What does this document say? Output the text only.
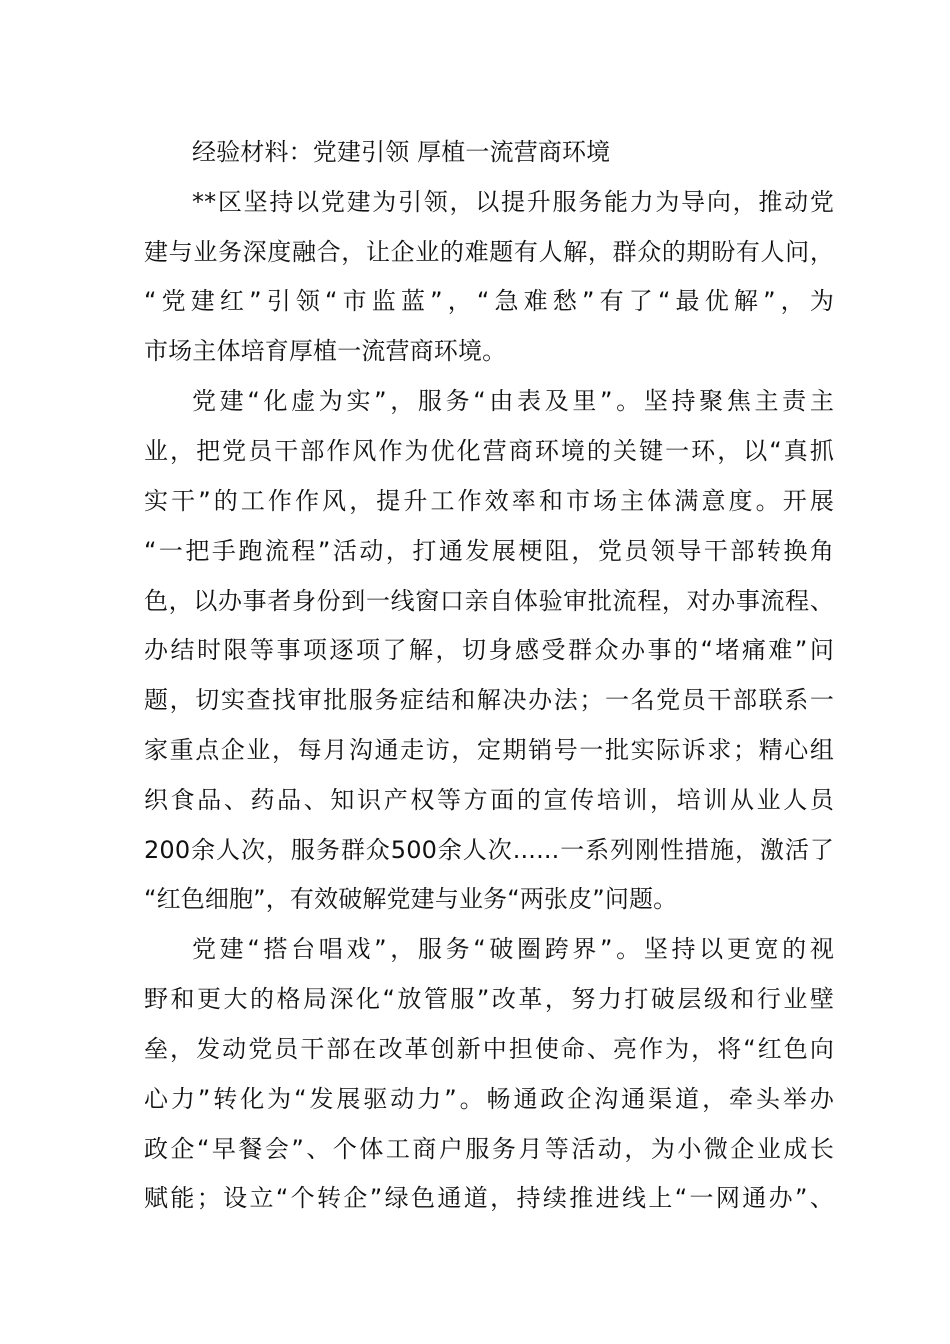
经验材料：党建引领 厚植一流营商环境
**区坚持以党建为引领，以提升服务能力为导向，推动党
建与业务深度融合，让企业的难题有人解，群众的期盼有人问，
“党建红”引领“市监蓝”，“急难愁”有了“最优解”，为
市场主体培育厚植一流营商环境。
党建“化虚为实”，服务“由表及里”。坚持聚焦主责主
业，把党员干部作风作为优化营商环境的关键一环，以“真抓
实干”的工作作风，提升工作效率和市场主体满意度。开展
“一把手跑流程”活动，打通发展梗阻，党员领导干部转换角
色，以办事者身份到一线窗口亲自体验审批流程，对办事流程、
办结时限等事项逐项了解，切身感受群众办事的“堵痛难”问
题，切实查找审批服务症结和解决办法；一名党员干部联系一
家重点企业，每月沟通走访，定期销号一批实际诉求；精心组
织食品、药品、知识产权等方面的宣传培训，培训从业人员
200余人次，服务群众500余人次......一系列刚性措施，激活了
“红色细胞”，有效破解党建与业务“两张皮”问题。
党建“搭台唱戏”，服务“破圈跨界”。坚持以更宽的视
野和更大的格局深化“放管服”改革，努力打破层级和行业壁
垒，发动党员干部在改革创新中担使命、亮作为，将“红色向
心力”转化为“发展驱动力”。畅通政企沟通渠道，牵头举办
政企“早餐会”、个体工商户服务月等活动，为小微企业成长
赋能；设立“个转企”绿色通道，持续推进线上“一网通办”、
